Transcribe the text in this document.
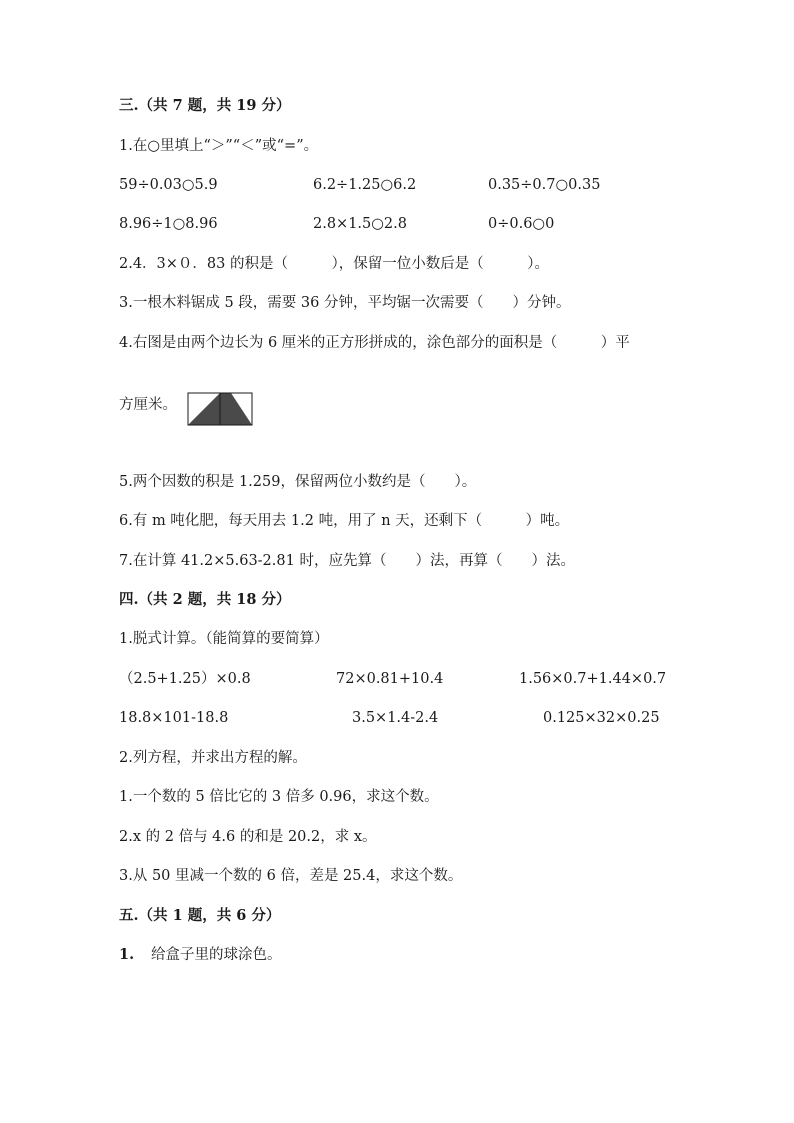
三.（共 7 题，共 19 分）
1.在○里填上“＞”“＜”或“=”。
59÷0.03○5.9	6.2÷1.25○6.2	0.35÷0.7○0.35
8.96÷1○8.96	2.8×1.5○2.8	0÷0.6○0
2.4．3×０．83 的积是（　　　），保留一位小数后是（　　　）。
3.一根木料锯成 5 段，需要 36 分钟，平均锯一次需要（　　）分钟。
4.右图是由两个边长为 6 厘米的正方形拼成的，涂色部分的面积是（　　　）平
方厘米。
5.两个因数的积是 1.259，保留两位小数约是（　　）。
6.有 m 吨化肥，每天用去 1.2 吨，用了 n 天，还剩下（　　　）吨。
7.在计算 41.2×5.63-2.81 时，应先算（　　）法，再算（　　）法。
四.（共 2 题，共 18 分）
1.脱式计算。（能简算的要简算）
（2.5+1.25）×0.8	72×0.81+10.4	1.56×0.7+1.44×0.7
18.8×101-18.8	3.5×1.4-2.4	0.125×32×0.25
2.列方程，并求出方程的解。
1.一个数的 5 倍比它的 3 倍多 0.96，求这个数。
2.x 的 2 倍与 4.6 的和是 20.2，求 x。
3.从 50 里减一个数的 6 倍，差是 25.4，求这个数。
五.（共 1 题，共 6 分）
1. 给盒子里的球涂色。
